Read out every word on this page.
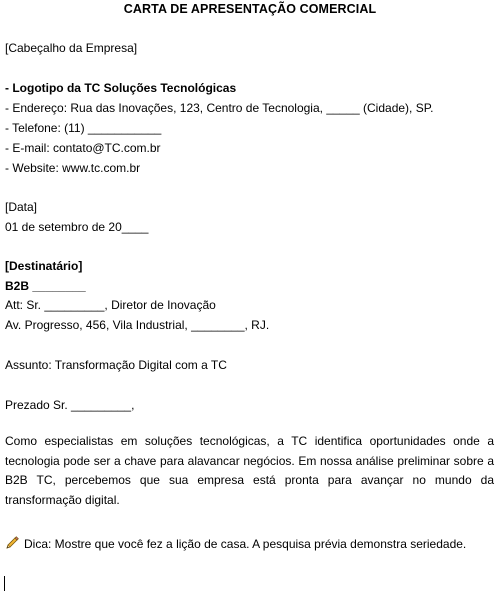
CARTA DE APRESENTAÇÃO COMERCIAL
[Cabeçalho da Empresa]
- Logotipo da TC Soluções Tecnológicas
- Endereço: Rua das Inovações, 123, Centro de Tecnologia, _____ (Cidade), SP.
- Telefone: (11) ___________
- E-mail: contato@TC.com.br
- Website: www.tc.com.br
[Data]
01 de setembro de 20____
[Destinatário]
B2B ________
Att: Sr. _________, Diretor de Inovação
Av. Progresso, 456, Vila Industrial, ________, RJ.
Assunto: Transformação Digital com a TC
Prezado Sr. _________,
Como especialistas em soluções tecnológicas, a TC identifica oportunidades onde a tecnologia pode ser a chave para alavancar negócios. Em nossa análise preliminar sobre a B2B TC, percebemos que sua empresa está pronta para avançar no mundo da transformação digital.
Dica: Mostre que você fez a lição de casa. A pesquisa prévia demonstra seriedade.
